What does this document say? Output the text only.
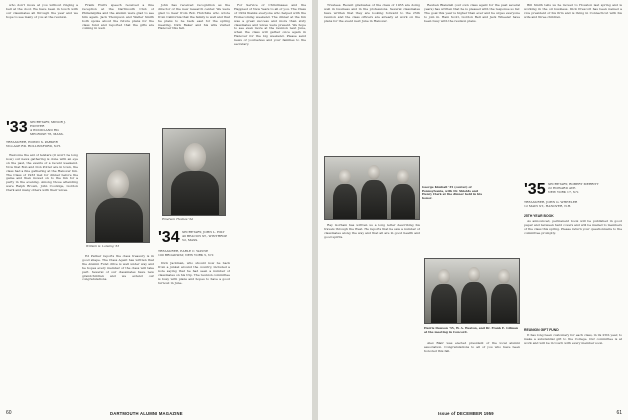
who don't move at you without ringing a bell at the door. We have been in touch with our classmates all through the year and we hope to see many of you at the reunion.

'33 SECRETARY, MINOR J. HUNTER
4 WOODLAND RD.
MELROSE 76, MASS.
TREASURER, EDWIN S. PARKER
VILLAGE RD. ROLLINSFORD, N.H.

Welcome the aid of telstars (it won't be long now) our news gathering is done with an eye on the past, the events of a recent weekend. Now that Bob and Don Potter are in town, the class had a fine gathering at the Hanover Inn. The Class of 1933 met for dinner before the game and then moved on to the Inn for a party in the evening. Among those attending were Ralph Brown, John Coolidge, Gordon Clark and many others with their wives.

Frank Hull's speech received a fine reception at the Dartmouth Club of Philadelphia and the alumni were glad to see him again. Jack Thompson and Walter Smith both spoke about the future plans for the class fund and reported that the gifts are coming in well.

William G. Lansing '33

Ed Parker reports the class treasury is in good shape. The Class Agent has written that the Alumni Fund drive is well under way and he hopes every member of the class will take part. Several of our classmates have new grandchildren and we extend our congratulations.

John has received recognition as the director of the new research center. We were glad to hear from Bob Hutchins who wrote from California that the family is well and that he plans to be back east for the spring meeting. Dick Baker and his wife visited Hanover this fall.

Emerson Thomas '34
'34 SECRETARY, JOHN L. HILT
40 BEACON ST., WINTHROP 52, MASS.
TREASURER, EARLE C. WAYNE
100 BROADWAY, NEW YORK 5, N.Y.

Dick Jackman, who should now be back from a junket around the country, included a note saying that he had seen a number of classmates on his trip. The reunion committee is busy with plans and hopes to have a good turnout in June.

For Service of Christmases and the Happiest of New Years to all of you. The Class of 1934 thanks everyone who helped with the Homecoming weekend. The dinner at the Inn was a great success and more than sixty classmates and wives were present. We hope to see even more at the reunion next June, when the class will gather once again in Hanover for the big weekend. Please send news of yourselves and your families to the secretary.

60	DARTMOUTH ALUMNI MAGAZINE

Trustees. Recent graduates of the class of 1935 are doing well in business and in the professions. Several classmates have written that they are looking forward to the 25th reunion and the class officers are already at work on the plans for the event next June in Hanover.

George Kimball '35 (center) of Pennsylvania, with Dr. Shields and Henry Clark at the dinner held in his honor.

Ray Gorham has written us a long letter describing his travels through the West. He reports that he saw a number of classmates along the way and that all are in good health and good spirits.

Reuben Blaisdell (our own class agent for the past several years) has written that he is pleased with the response so far. The goal this year is higher than ever and he urges everyone to join in. Ham Scott, Gordon Bell and Jack Wheeler have been busy with the reunion plans.

Harris Dawson '35, W. A. Weston, and Dr. Frank E. Gilman at the meeting in Concord.

Alex Blair was elected president of the local alumni association. Congratulations to all of you who have been honored this fall.

Bill Smith tells us he moved to Houston last spring and is working in the oil business. Dick Prescott has been named a vice president of his firm and is living in Connecticut with his wife and three children.

'35 SECRETARY, ROBERT MERRITT
22 HOWARD AVE.
NEW YORK 17, N.Y.
TREASURER, JOHN G. WHEELER
12 MAIN ST., HANOVER, N.H.
25TH YEAR BOOK

As announced, permanent book will be published in good paper and between hard covers and will be mailed to members of the class this spring. Please return your questionnaire to the committee promptly.

REUNION GIFT FUND

It has long been customary for each class, in its 25th year, to make a substantial gift to the College. Our committee is at work and will be in touch with every member soon.

Issue of DECEMBER 1959	61
